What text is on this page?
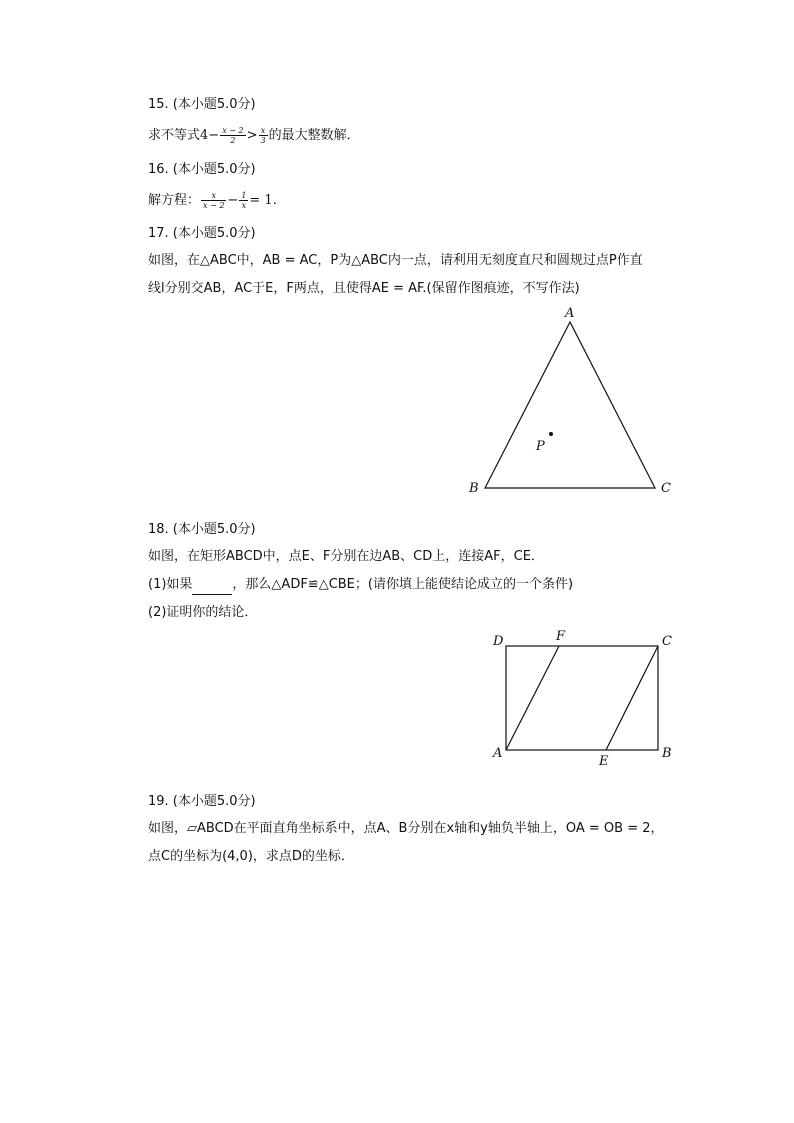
15. (本小题5.0分)
求不等式$4- \frac{x - 2}{2} > \frac{x}{3}$ 的最大整数解．
16. (本小题5.0分)
解方程： $\frac{x}{x - 2} - \frac{1}{x} = 1$.
17. (本小题5.0分)
如图，在△ABC中，AB = AC，P为△ABC内一点，请利用无刻度直尺和圆规过点P作直
线l分别交AB，AC于E，F两点，且使得AE = AF.(保留作图痕迹，不写作法)
A
B	C
P
18. (本小题5.0分)
如图，在矩形ABCD中，点E、F分别在边AB、CD上，连接AF，CE．
(1)如果	，那么△ADF≌△CBE；(请你填上能使结论成立的一个条件)
(2)证明你的结论．
D	F	C
A
E
B
19. (本小题5.0分)
如图，▱ABCD在平面直角坐标系中，点A、B分别在x轴和y轴负半轴上，OA = OB = 2，
点C的坐标为(4,0)，求点D的坐标．
